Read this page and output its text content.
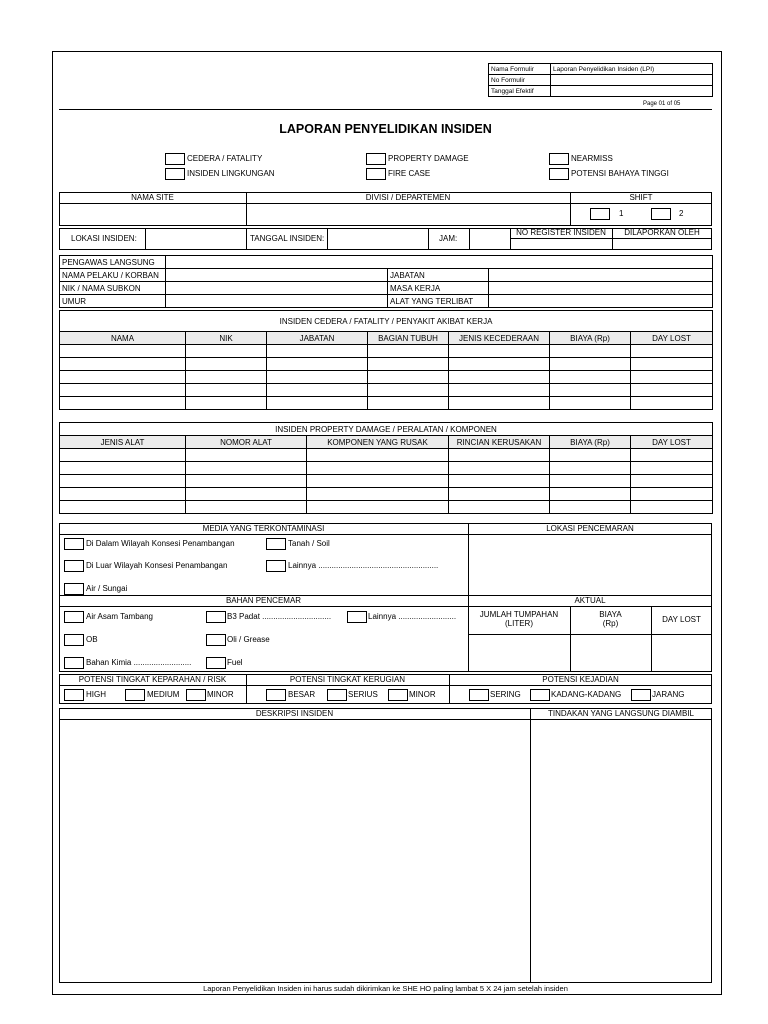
Nama Formulir	Laporan Penyelidikan Insiden (LPI)
No Formulir	
Tanggal Efektif	
Page 01 of 05
LAPORAN PENYELIDIKAN INSIDEN
CEDERA / FATALITY
INSIDEN LINGKUNGAN
PROPERTY DAMAGE
FIRE CASE
NEARMISS
POTENSI BAHAYA TINGGI
NAMA SITE	DIVISI / DEPARTEMEN	SHIFT
1	2
LOKASI INSIDEN:	TANGGAL INSIDEN:	JAM:
NO REGISTER INSIDEN	DILAPORKAN OLEH
PENGAWAS LANGSUNG			
NAMA PELAKU / KORBAN		JABATAN	
NIK / NAMA SUBKON		MASA KERJA	
UMUR		ALAT YANG TERLIBAT	
INSIDEN CEDERA / FATALITY / PENYAKIT AKIBAT KERJA						
NAMA	NIK	JABATAN	BAGIAN TUBUH	JENIS KECEDERAAN	BIAYA (Rp)	DAY LOST

INSIDEN PROPERTY DAMAGE / PERALATAN / KOMPONEN					
JENIS ALAT	NOMOR ALAT	KOMPONEN YANG RUSAK	RINCIAN KERUSAKAN	BIAYA (Rp)	DAY LOST

MEDIA YANG TERKONTAMINASI	LOKASI PENCEMARAN
Di Dalam Wilayah Konsesi Penambangan
Di Luar Wilayah Konsesi Penambangan
Air / Sungai
Tanah / Soil
Lainnya ......................................................
BAHAN PENCEMAR	AKTUAL
Air Asam Tambang	B3 Padat ...............................	Lainnya ..........................
OB	Oli / Grease
Bahan Kimia ..........................	Fuel
JUMLAH TUMPAHAN
(LITER)
BIAYA
(Rp)	DAY LOST
POTENSI TINGKAT KEPARAHAN / RISK	POTENSI TINGKAT KERUGIAN	POTENSI KEJADIAN
HIGH	MEDIUM	MINOR	BESAR	SERIUS	MINOR	SERING	KADANG-KADANG	JARANG
DESKRIPSI INSIDEN	TINDAKAN YANG LANGSUNG DIAMBIL
Laporan Penyelidikan Insiden ini harus sudah dikirimkan ke SHE HO paling lambat 5 X 24 jam setelah insiden
